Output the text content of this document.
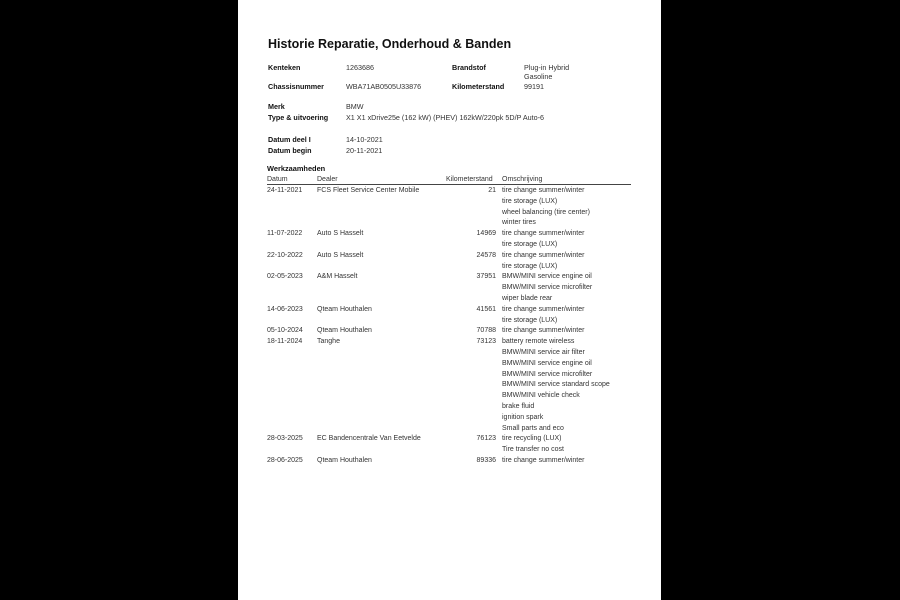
Historie Reparatie, Onderhoud & Banden
Kenteken	1263686
Chassisnummer	WBA71AB0505U33876
Merk	BMW
Type & uitvoering X1 X1 xDrive25e (162 kW) (PHEV) 162kW/220pk 5D/P Auto-6
Datum deel I	14-10-2021
Datum begin	20-11-2021
Brandstof	Plug-in Hybrid
Gasoline
Kilometerstand	99191
Werkzaamheden
Datum	Dealer	Kilometerstand Omschrijving
24-11-2021 FCS Fleet Service Center Mobile	21 tire change summer/winter
tire storage (LUX)
wheel balancing (tire center)
winter tires
11-07-2022 Auto S Hasselt	14969 tire change summer/winter
tire storage (LUX)
22-10-2022 Auto S Hasselt	24578 tire change summer/winter
tire storage (LUX)
02-05-2023 A&M Hasselt	37951 BMW/MINI service engine oil
BMW/MINI service microfilter
wiper blade rear
14-06-2023 Qteam Houthalen	41561 tire change summer/winter
tire storage (LUX)
05-10-2024 Qteam Houthalen	70788 tire change summer/winter
18-11-2024 Tanghe	73123 battery remote wireless
BMW/MINI service air filter
BMW/MINI service engine oil
BMW/MINI service microfilter
BMW/MINI service standard scope
BMW/MINI vehicle check
brake fluid
ignition spark
Small parts and eco
28-03-2025 EC Bandencentrale Van Eetvelde	76123 tire recycling (LUX)
Tire transfer no cost
28-06-2025 Qteam Houthalen	89336 tire change summer/winter
